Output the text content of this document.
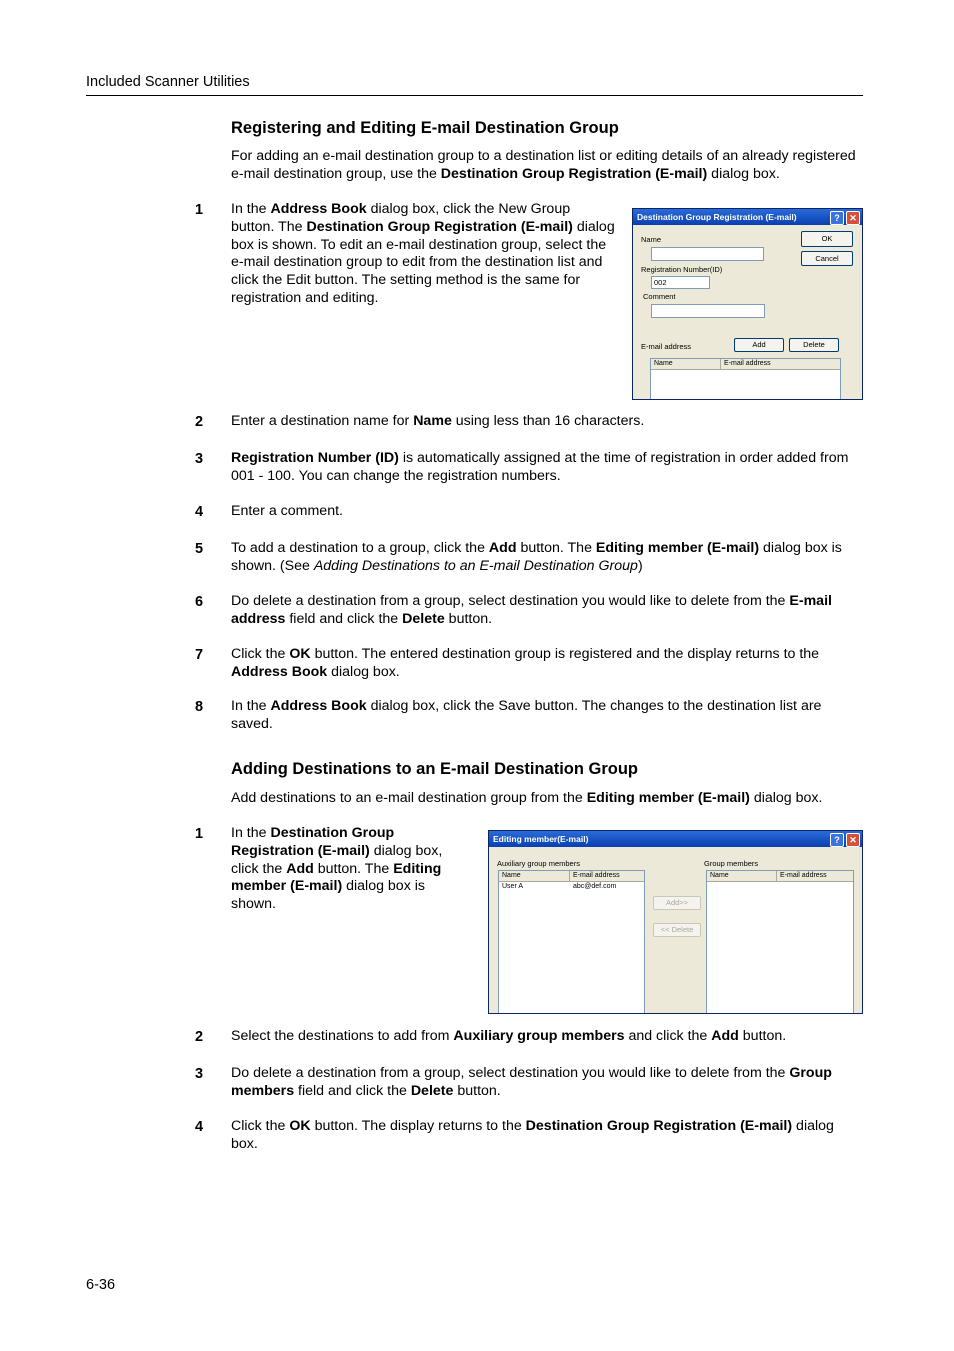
Included Scanner Utilities
Registering and Editing E-mail Destination Group
For adding an e-mail destination group to a destination list or editing details of an already registered e-mail destination group, use the Destination Group Registration (E-mail) dialog box.
1 In the Address Book dialog box, click the New Group button. The Destination Group Registration (E-mail) dialog box is shown. To edit an e-mail destination group, select the e-mail destination group to edit from the destination list and click the Edit button. The setting method is the same for registration and editing.
Destination Group Registration (E-mail)	?	✕
Name
Registration Number(ID)
002
Comment
E-mail address
OK
Cancel
Add	Delete
Name	E-mail address
2 Enter a destination name for Name using less than 16 characters.
3 Registration Number (ID) is automatically assigned at the time of registration in order added from 001 - 100. You can change the registration numbers.
4 Enter a comment.
5 To add a destination to a group, click the Add button. The Editing member (E-mail) dialog box is shown. (See Adding Destinations to an E-mail Destination Group)
6 Do delete a destination from a group, select destination you would like to delete from the E-mail address field and click the Delete button.
7 Click the OK button. The entered destination group is registered and the display returns to the Address Book dialog box.
8 In the Address Book dialog box, click the Save button. The changes to the destination list are saved.
Adding Destinations to an E-mail Destination Group
Add destinations to an e-mail destination group from the Editing member (E-mail) dialog box.
1 In the Destination Group Registration (E-mail) dialog box, click the Add button. The Editing member (E-mail) dialog box is shown.
Editing member(E-mail)	?	✕
Auxiliary group members	Group members
Name	E-mail address
User A	abc@def.com
Add>>
<< Delete
Name	E-mail address
2 Select the destinations to add from Auxiliary group members and click the Add button.
3 Do delete a destination from a group, select destination you would like to delete from the Group members field and click the Delete button.
4 Click the OK button. The display returns to the Destination Group Registration (E-mail) dialog box.
6-36
